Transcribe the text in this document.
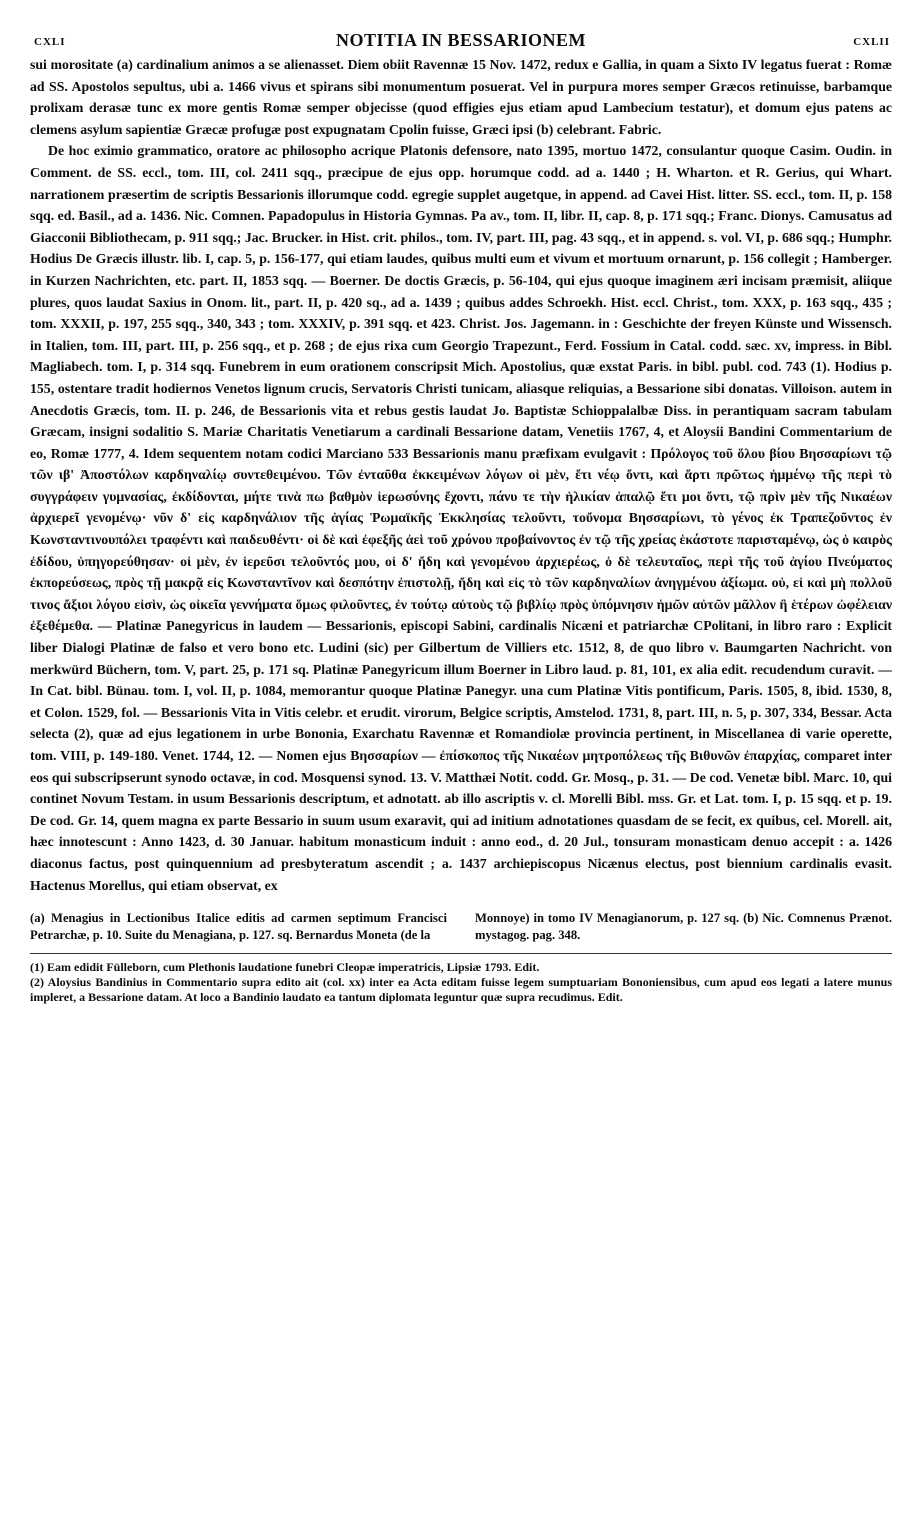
CXLI	NOTITIA IN BESSARIONEM	CXLII

sui morositate (a) cardinalium animos a se alienasset. Diem obiit Ravennæ 15 Nov. 1472, redux e Gallia, in quam a Sixto IV legatus fuerat : Romæ ad SS. Apostolos sepultus, ubi a. 1466 vivus et spirans sibi monumentum posuerat. Vel in purpura mores semper Græcos retinuisse, barbamque prolixam derasæ tunc ex more gentis Romæ semper objecisse (quod effigies ejus etiam apud Lambecium testatur), et domum ejus patens ac clemens asylum sapientiæ Græcæ profugæ post expugnatam Cpolin fuisse, Græci ipsi (b) celebrant. Fabric.

De hoc eximio grammatico, oratore ac philosopho acrique Platonis defensore, nato 1395, mortuo 1472, consulantur quoque Casim. Oudin. in Comment. de SS. eccl., tom. III, col. 2411 sqq., præcipue de ejus opp. horumque codd. ad a. 1440 ; H. Wharton. et R. Gerius, qui Whart. narrationem præsertim de scriptis Bessarionis illorumque codd. egregie supplet augetque, in append. ad Cavei Hist. litter. SS. eccl., tom. II, p. 158 sqq. ed. Basil., ad a. 1436. Nic. Comnen. Papadopulus in Historia Gymnas. Pa av., tom. II, libr. II, cap. 8, p. 171 sqq.; Franc. Dionys. Camusatus ad Giacconii Bibliothecam, p. 911 sqq.; Jac. Brucker. in Hist. crit. philos., tom. IV, part. III, pag. 43 sqq., et in append. s. vol. VI, p. 686 sqq.; Humphr. Hodius De Græcis illustr. lib. I, cap. 5, p. 156-177, qui etiam laudes, quibus multi eum et vivum et mortuum ornarunt, p. 156 collegit ; Hamberger. in Kurzen Nachrichten, etc. part. II, 1853 sqq. — Boerner. De doctis Græcis, p. 56-104, qui ejus quoque imaginem æri incisam præmisit, aliique plures, quos laudat Saxius in Onom. lit., part. II, p. 420 sq., ad a. 1439 ; quibus addes Schroekh. Hist. eccl. Christ., tom. XXX, p. 163 sqq., 435 ; tom. XXXII, p. 197, 255 sqq., 340, 343 ; tom. XXXIV, p. 391 sqq. et 423. Christ. Jos. Jagemann. in : Geschichte der freyen Künste und Wissensch. in Italien, tom. III, part. III, p. 256 sqq., et p. 268 ; de ejus rixa cum Georgio Trapezunt., Ferd. Fossium in Catal. codd. sæc. xv, impress. in Bibl. Magliabech. tom. I, p. 314 sqq. Funebrem in eum orationem conscripsit Mich. Apostolius, quæ exstat Paris. in bibl. publ. cod. 743 (1). Hodius p. 155, ostentare tradit hodiernos Venetos lignum crucis, Servatoris Christi tunicam, aliasque reliquias, a Bessarione sibi donatas. Villoison. autem in Anecdotis Græcis, tom. II. p. 246, de Bessarionis vita et rebus gestis laudat Jo. Baptistæ Schioppalalbæ Diss. in perantiquam sacram tabulam Græcam, insigni sodalitio S. Mariæ Charitatis Venetiarum a cardinali Bessarione datam, Venetiis 1767, 4, et Aloysii Bandini Commentarium de eo, Romæ 1777, 4. Idem sequentem notam codici Marciano 533 Bessarionis manu præfixam evulgavit : Πρόλογος τοῦ ὅλου βίου Βησσαρίωνι τῷ τῶν ιβ' Ἀποστόλων καρδηναλίῳ συντεθειμένου. Τῶν ἐνταῦθα ἐκκειμένων λόγων οἱ μὲν, ἔτι νέῳ ὄντι, καὶ ἄρτι πρῶτως ἡμμένῳ τῆς περὶ τὸ συγγράφειν γυμνασίας, ἐκδίδονται, μήτε τινὰ πω βαθμὸν ἱερωσύνης ἔχοντι, πάνυ τε τὴν ἡλικίαν ἁπαλῷ ἔτι μοι ὄντι, τῷ πρὶν μὲν τῆς Νικαέων ἀρχιερεῖ γενομένῳ· νῦν δ' εἰς καρδηνάλιον τῆς ἁγίας Ῥωμαϊκῆς Ἐκκλησίας τελοῦντι, τοὔνομα Βησσαρίωνι, τὸ γένος ἐκ Τραπεζοῦντος ἐν Κωνσταντινουπόλει τραφέντι καὶ παιδευθέντι· οἱ δὲ καὶ ἐφεξῆς ἀεὶ τοῦ χρόνου προβαίνοντος ἐν τῷ τῆς χρείας ἑκάστοτε παρισταμένῳ, ὡς ὁ καιρὸς ἐδίδου, ὑπηγορεύθησαν· οἱ μὲν, ἐν ἱερεῦσι τελοῦντός μου, οἱ δ' ἤδη καὶ γενομένου ἀρχιερέως, ὁ δὲ τελευταῖος, περὶ τῆς τοῦ ἁγίου Πνεύματος ἐκπορεύσεως, πρὸς τῇ μακρᾷ εἰς Κωνσταντῖνον καὶ δεσπότην ἐπιστολῇ, ἤδη καὶ εἰς τὸ τῶν καρδηναλίων ἀνηγμένου ἀξίωμα. οὐ, εἰ καὶ μὴ πολλοῦ τινος ἄξιοι λόγου εἰσὶν, ὡς οἰκεῖα γεννήματα ὅμως φιλοῦντες, ἐν τούτῳ αὐτοὺς τῷ βιβλίῳ πρὸς ὑπόμνησιν ἡμῶν αὐτῶν μᾶλλον ἢ ἑτέρων ὠφέλειαν ἐξεθέμεθα. — Platinæ Panegyricus in laudem — Bessarionis, episcopi Sabini, cardinalis Nicæni et patriarchæ CPolitani, in libro raro : Explicit liber Dialogi Platinæ de falso et vero bono etc. Ludini (sic) per Gilbertum de Villiers etc. 1512, 8, de quo libro v. Baumgarten Nachricht. von merkwürd Büchern, tom. V, part. 25, p. 171 sq. Platinæ Panegyricum illum Boerner in Libro laud. p. 81, 101, ex alia edit. recudendum curavit. — In Cat. bibl. Bünau. tom. I, vol. II, p. 1084, memorantur quoque Platinæ Panegyr. una cum Platinæ Vitis pontificum, Paris. 1505, 8, ibid. 1530, 8, et Colon. 1529, fol. — Bessarionis Vita in Vitis celebr. et erudit. virorum, Belgice scriptis, Amstelod. 1731, 8, part. III, n. 5, p. 307, 334, Bessar. Acta selecta (2), quæ ad ejus legationem in urbe Bononia, Exarchatu Ravennæ et Romandiolæ provincia pertinent, in Miscellanea di varie operette, tom. VIII, p. 149-180. Venet. 1744, 12. — Nomen ejus Βησσαρίων — ἐπίσκοπος τῆς Νικαέων μητροπόλεως τῆς Βιθυνῶν ἐπαρχίας, comparet inter eos qui subscripserunt synodo octavæ, in cod. Mosquensi synod. 13. V. Matthæi Notit. codd. Gr. Mosq., p. 31. — De cod. Venetæ bibl. Marc. 10, qui continet Novum Testam. in usum Bessarionis descriptum, et adnotatt. ab illo ascriptis v. cl. Morelli Bibl. mss. Gr. et Lat. tom. I, p. 15 sqq. et p. 19. De cod. Gr. 14, quem magna ex parte Bessario in suum usum exaravit, qui ad initium adnotationes quasdam de se fecit, ex quibus, cel. Morell. ait, hæc innotescunt : Anno 1423, d. 30 Januar. habitum monasticum induit : anno eod., d. 20 Jul., tonsuram monasticam denuo accepit : a. 1426 diaconus factus, post quinquennium ad presbyteratum ascendit ; a. 1437 archiepiscopus Nicænus electus, post biennium cardinalis evasit. Hactenus Morellus, qui etiam observat, ex

(a) Menagius in Lectionibus Italice editis ad carmen septimum Francisci Petrarchæ, p. 10. Suite du Menagiana, p. 127. sq. Bernardus Moneta (de la
Monnoye) in tomo IV Menagianorum, p. 127 sq. (b) Nic. Comnenus Prænot. mystagog. pag. 348.

(1) Eam edidit Fülleborn, cum Plethonis laudatione funebri Cleopæ imperatricis, Lipsiæ 1793. Edit.

(2) Aloysius Bandinius in Commentario supra edito ait (col. xx) inter ea Acta editam fuisse legem sumptuariam Bononiensibus, cum apud eos legati a latere munus impleret, a Bessarione datam. At loco a Bandinio laudato ea tantum diplomata leguntur quæ supra recudimus. Edit.
